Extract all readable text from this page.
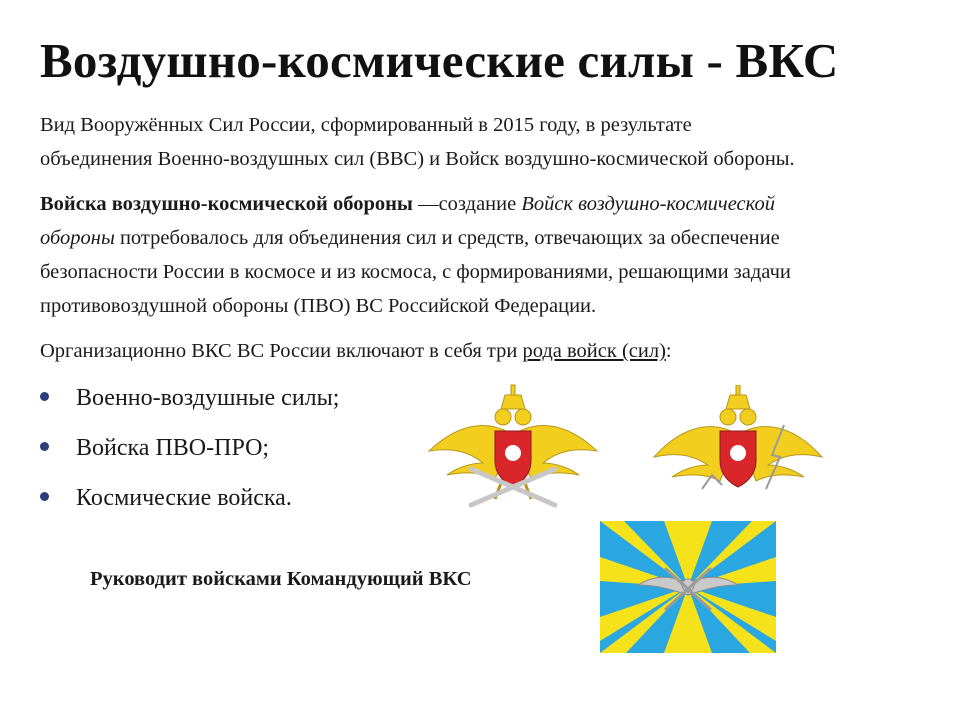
Воздушно-космические силы - ВКС

Вид Вооружённых Сил России, сформированный в 2015 году, в результате
объединения Военно-воздушных сил (ВВС) и Войск воздушно-космической обороны.

Войска воздушно-космической обороны —создание Войск воздушно-космической
обороны потребовалось для объединения сил и средств, отвечающих за обеспечение
безопасности России в космосе и из космоса, с формированиями, решающими задачи
противовоздушной обороны (ПВО) ВС Российской Федерации.

Организационно ВКС ВС России включают в себя три рода войск (сил):

Военно-воздушные силы;
Войска ПВО-ПРО;
Космические войска.

Руководит войсками Командующий ВКС
